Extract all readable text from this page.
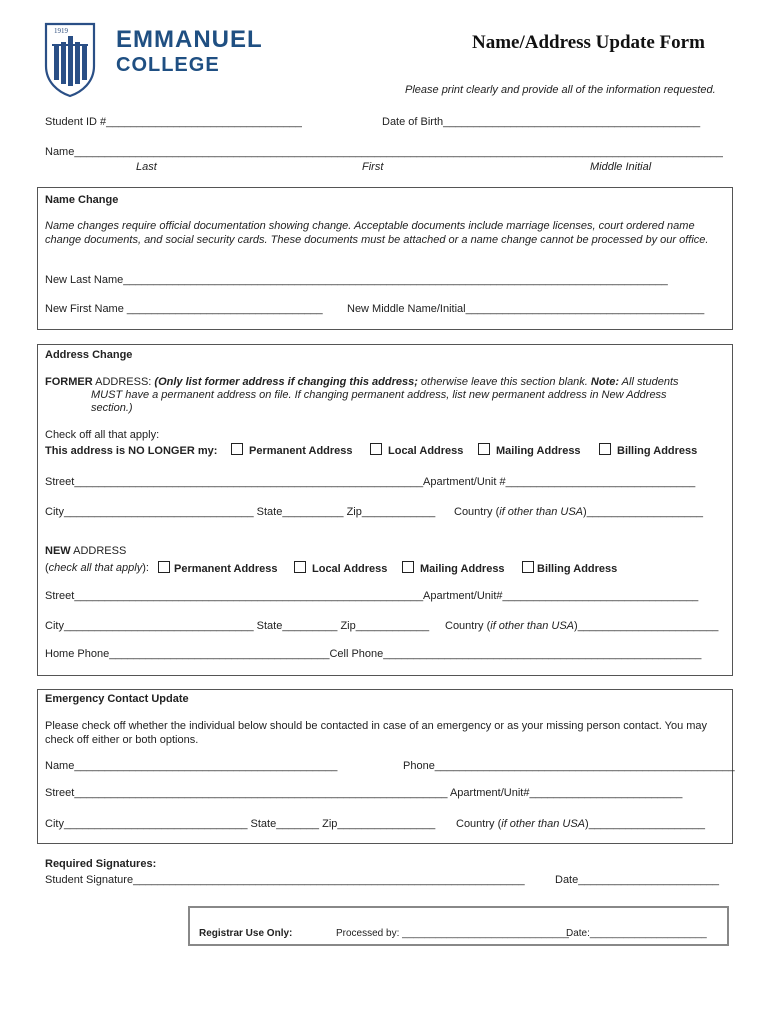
1919 EMMANUEL
COLLEGE
Name/Address Update Form
Please print clearly and provide all of the information requested.
Student ID #________________________________	Date of Birth__________________________________________
Name__________________________________________________________________________________________________________
Last	First	Middle Initial
Name Change
Name changes require official documentation showing change. Acceptable documents include marriage licenses, court ordered name change documents, and social security cards. These documents must be attached or a name change cannot be processed by our office.
New Last Name_________________________________________________________________________________________
New First Name ________________________________ New Middle Name/Initial_______________________________________
Address Change
FORMER ADDRESS: (Only list former address if changing this address; otherwise leave this section blank. Note: All students
MUST have a permanent address on file. If changing permanent address, list new permanent address in New Address
section.)
Check off all that apply:
This address is NO LONGER my:	Permanent Address	Local Address	Mailing Address	Billing Address
Street_________________________________________________________Apartment/Unit #_______________________________
City_______________________________ State__________ Zip____________ Country (if other than USA)___________________
NEW ADDRESS
(check all that apply):	Permanent Address	Local Address	Mailing Address	Billing Address
Street_________________________________________________________Apartment/Unit#________________________________
City_______________________________ State_________ Zip____________ Country (if other than USA)_______________________
Home Phone____________________________________Cell Phone____________________________________________________
Emergency Contact Update
Please check off whether the individual below should be contacted in case of an emergency or as your missing person contact. You may check off either or both options.
Name___________________________________________	Phone_________________________________________________
Street_____________________________________________________________ Apartment/Unit#_________________________
City______________________________ State_______ Zip________________ Country (if other than USA)___________________
Required Signatures:
Student Signature________________________________________________________________	Date_______________________
Registrar Use Only:	Processed by: ______________________________
Date:_____________________
